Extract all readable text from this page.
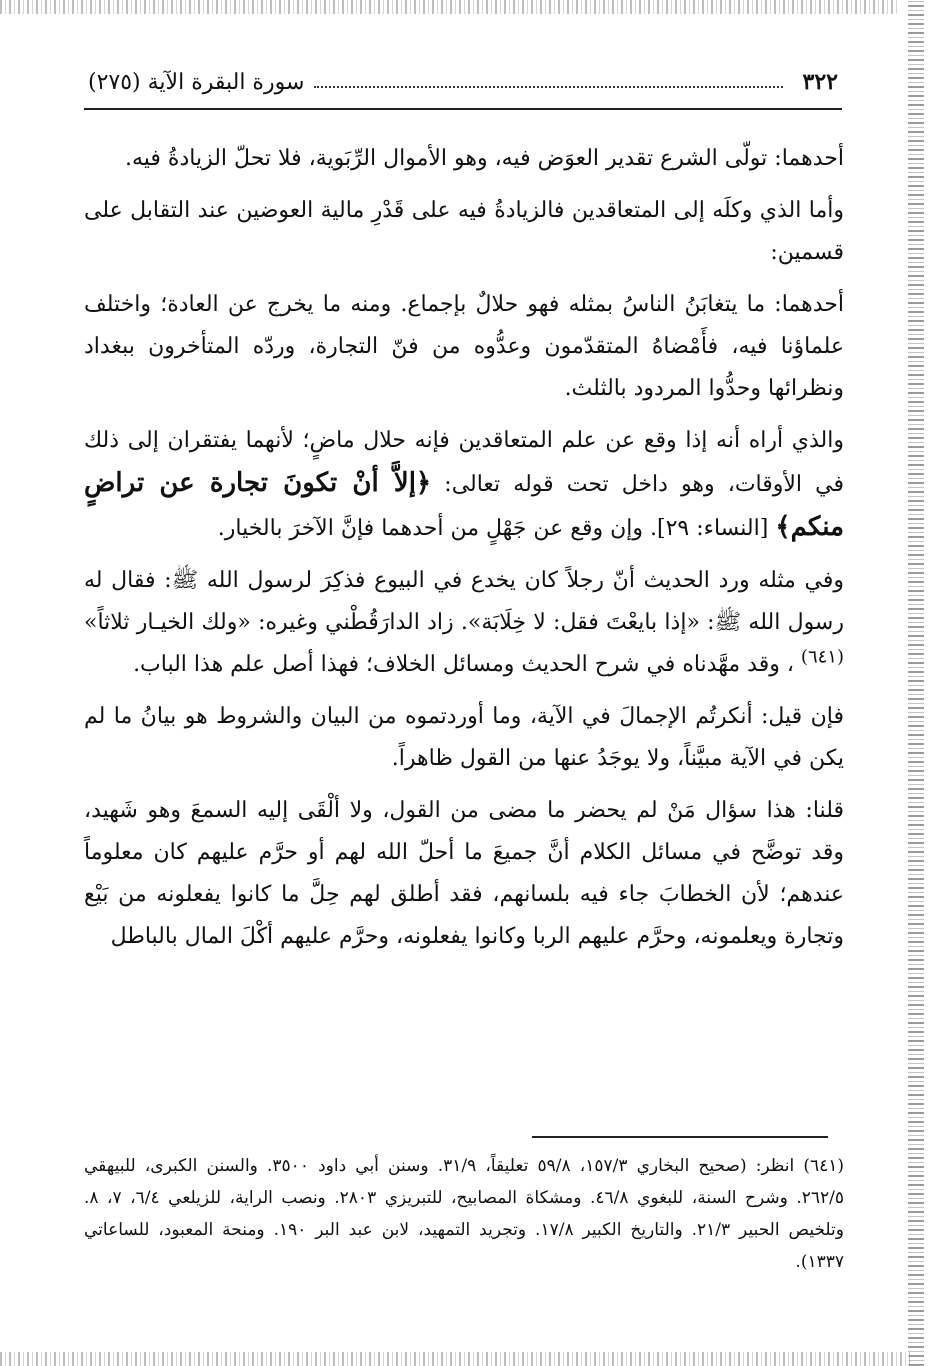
٣٢٢
سورة البقرة الآية (٢٧٥)

أحدهما: تولّى الشرع تقدير العوَض فيه، وهو الأموال الرِّبَوية، فلا تحلّ الزيادةُ فيه.

وأما الذي وكلَه إلى المتعاقدين فالزيادةُ فيه على قَدْرِ مالية العوضين عند التقابل على قسمين:

أحدهما: ما يتغابَنُ الناسُ بمثله فهو حلالٌ بإجماع. ومنه ما يخرج عن العادة؛ واختلف علماؤنا فيه، فأَمْضاهُ المتقدّمون وعدُّوه من فنّ التجارة، وردّه المتأخرون ببغداد ونظرائها وحدُّوا المردود بالثلث.

والذي أراه أنه إذا وقع عن علم المتعاقدين فإنه حلال ماضٍ؛ لأنهما يفتقران إلى ذلك في الأوقات، وهو داخل تحت قوله تعالى: ﴿إلاَّ أنْ تكونَ تجارة عن تراضٍ منكم﴾ [النساء: ٢٩]. وإن وقع عن جَهْلٍ من أحدهما فإنَّ الآخرَ بالخيار.

وفي مثله ورد الحديث أنّ رجلاً كان يخدع في البيوع فذكِرَ لرسول الله ﷺ: فقال له رسول الله ﷺ: «إذا بايعْتَ فقل: لا خِلَابَة». زاد الدارَقُطْني وغيره: «ولك الخيـار ثلاثاً» $^{(٦٤١)}$ ، وقد مهَّدناه في شرح الحديث ومسائل الخلاف؛ فهذا أصل علم هذا الباب.

فإن قيل: أنكرتُم الإجمالَ في الآية، وما أوردتموه من البيان والشروط هو بيانُ ما لم يكن في الآية مبيَّناً، ولا يوجَدُ عنها من القول ظاهراً.

قلنا: هذا سؤال مَنْ لم يحضر ما مضى من القول، ولا ألْقَى إليه السمعَ وهو شَهيد، وقد توضَّح في مسائل الكلام أنَّ جميعَ ما أحلّ الله لهم أو حرَّم عليهم كان معلوماً عندهم؛ لأن الخطابَ جاء فيه بلسانهم، فقد أطلق لهم حِلَّ ما كانوا يفعلونه من بَيْع وتجارة ويعلمونه، وحرَّم عليهم الربا وكانوا يفعلونه، وحرَّم عليهم أكْلَ المال بالباطل

(٦٤١) انظر: (صحيح البخاري ١٥٧/٣، ٥٩/٨ تعليقاً، ٣١/٩. وسنن أبي داود ٣٥٠٠. والسنن الكبرى، للبيهقي ٢٦٢/٥. وشرح السنة، للبغوي ٤٦/٨. ومشكاة المصابيح، للتبريزي ٢٨٠٣. ونصب الراية، للزيلعي ٦/٤، ٧، ٨. وتلخيص الحبير ٢١/٣. والتاريخ الكبير ١٧/٨. وتجريد التمهيد، لابن عبد البر ١٩٠. ومنحة المعبود، للساعاتي ١٣٣٧).
